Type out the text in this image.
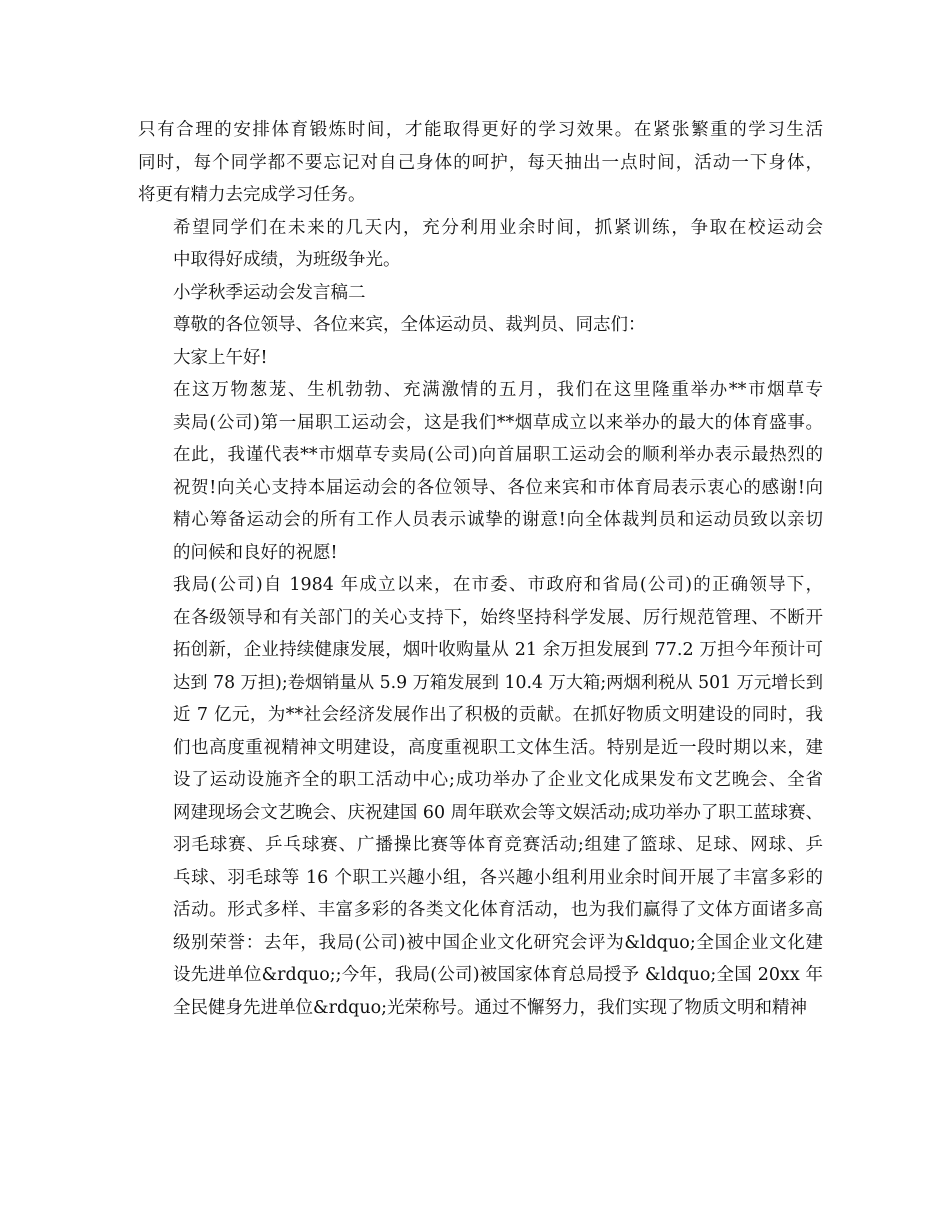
只有合理的安排体育锻炼时间，才能取得更好的学习效果。在紧张繁重的学习生活
同时，每个同学都不要忘记对自己身体的呵护，每天抽出一点时间，活动一下身体，
将更有精力去完成学习任务。
希望同学们在未来的几天内，充分利用业余时间，抓紧训练，争取在校运动会
中取得好成绩，为班级争光。
小学秋季运动会发言稿二
尊敬的各位领导、各位来宾，全体运动员、裁判员、同志们：
大家上午好!
在这万物葱茏、生机勃勃、充满激情的五月，我们在这里隆重举办**市烟草专
卖局(公司)第一届职工运动会，这是我们**烟草成立以来举办的最大的体育盛事。
在此，我谨代表**市烟草专卖局(公司)向首届职工运动会的顺利举办表示最热烈的
祝贺!向关心支持本届运动会的各位领导、各位来宾和市体育局表示衷心的感谢!向
精心筹备运动会的所有工作人员表示诚挚的谢意!向全体裁判员和运动员致以亲切
的问候和良好的祝愿!
我局(公司)自 1984 年成立以来，在市委、市政府和省局(公司)的正确领导下，
在各级领导和有关部门的关心支持下，始终坚持科学发展、厉行规范管理、不断开
拓创新，企业持续健康发展，烟叶收购量从 21 余万担发展到 77.2 万担今年预计可
达到 78 万担);卷烟销量从 5.9 万箱发展到 10.4 万大箱;两烟利税从 501 万元增长到
近 7 亿元，为**社会经济发展作出了积极的贡献。在抓好物质文明建设的同时，我
们也高度重视精神文明建设，高度重视职工文体生活。特别是近一段时期以来，建
设了运动设施齐全的职工活动中心;成功举办了企业文化成果发布文艺晚会、全省
网建现场会文艺晚会、庆祝建国 60 周年联欢会等文娱活动;成功举办了职工蓝球赛、
羽毛球赛、乒乓球赛、广播操比赛等体育竞赛活动;组建了篮球、足球、网球、乒
乓球、羽毛球等 16 个职工兴趣小组，各兴趣小组利用业余时间开展了丰富多彩的
活动。形式多样、丰富多彩的各类文化体育活动，也为我们赢得了文体方面诸多高
级别荣誉：去年，我局(公司)被中国企业文化研究会评为&ldquo;全国企业文化建
设先进单位&rdquo;;今年，我局(公司)被国家体育总局授予 &ldquo;全国 20xx 年
全民健身先进单位&rdquo;光荣称号。通过不懈努力，我们实现了物质文明和精神
